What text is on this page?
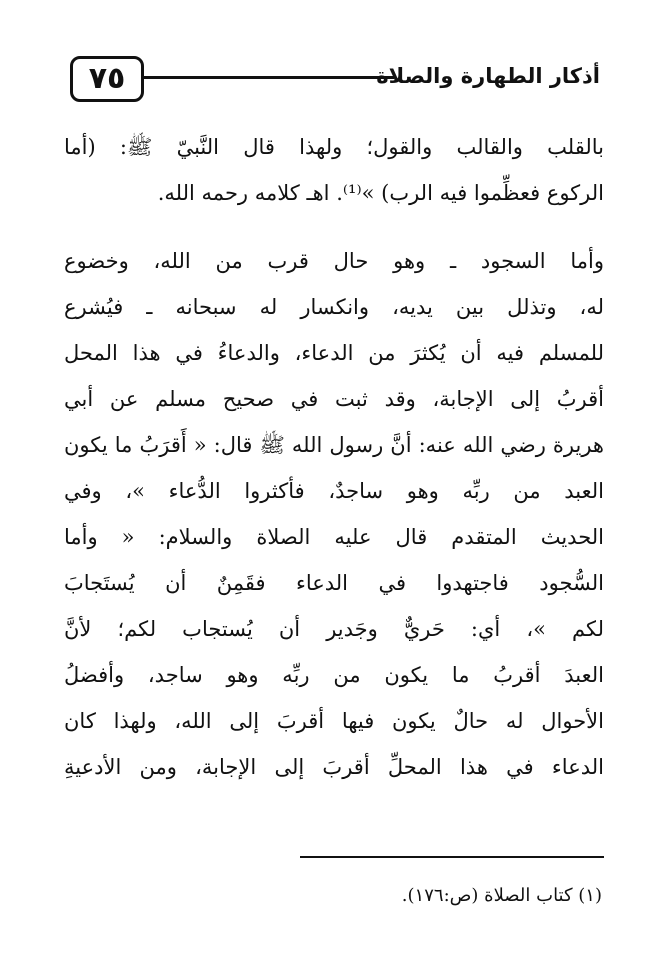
٧٥	أذكار الطهارة والصلاة
بالقلب والقالب والقول؛ ولهذا قال النَّبيّ ﷺ: (أما
الركوع فعظِّموا فيه الرب) »⁽¹⁾. اهـ كلامه رحمه الله.
وأما السجود ـ وهو حال قرب من الله، وخضوع
له، وتذلل بين يديه، وانكسار له سبحانه ـ فيُشرع
للمسلم فيه أن يُكثرَ من الدعاء، والدعاءُ في هذا المحل
أقربُ إلى الإجابة، وقد ثبت في صحيح مسلم عن أبي
هريرة رضي الله عنه: أنَّ رسول الله ﷺ قال: « أَقرَبُ ما يكون
العبد من ربِّه وهو ساجدٌ، فأكثروا الدُّعاء »، وفي
الحديث المتقدم قال عليه الصلاة والسلام: « وأما
السُّجود فاجتهدوا في الدعاء فقَمِنٌ أن يُستَجابَ
لكم »، أي: حَريٌّ وجَدير أن يُستجاب لكم؛ لأنَّ
العبدَ أقربُ ما يكون من ربِّه وهو ساجد، وأفضلُ
الأحوال له حالٌ يكون فيها أقربَ إلى الله، ولهذا كان
الدعاء في هذا المحلِّ أقربَ إلى الإجابة، ومن الأدعيةِ
(١) كتاب الصلاة (ص:١٧٦).
